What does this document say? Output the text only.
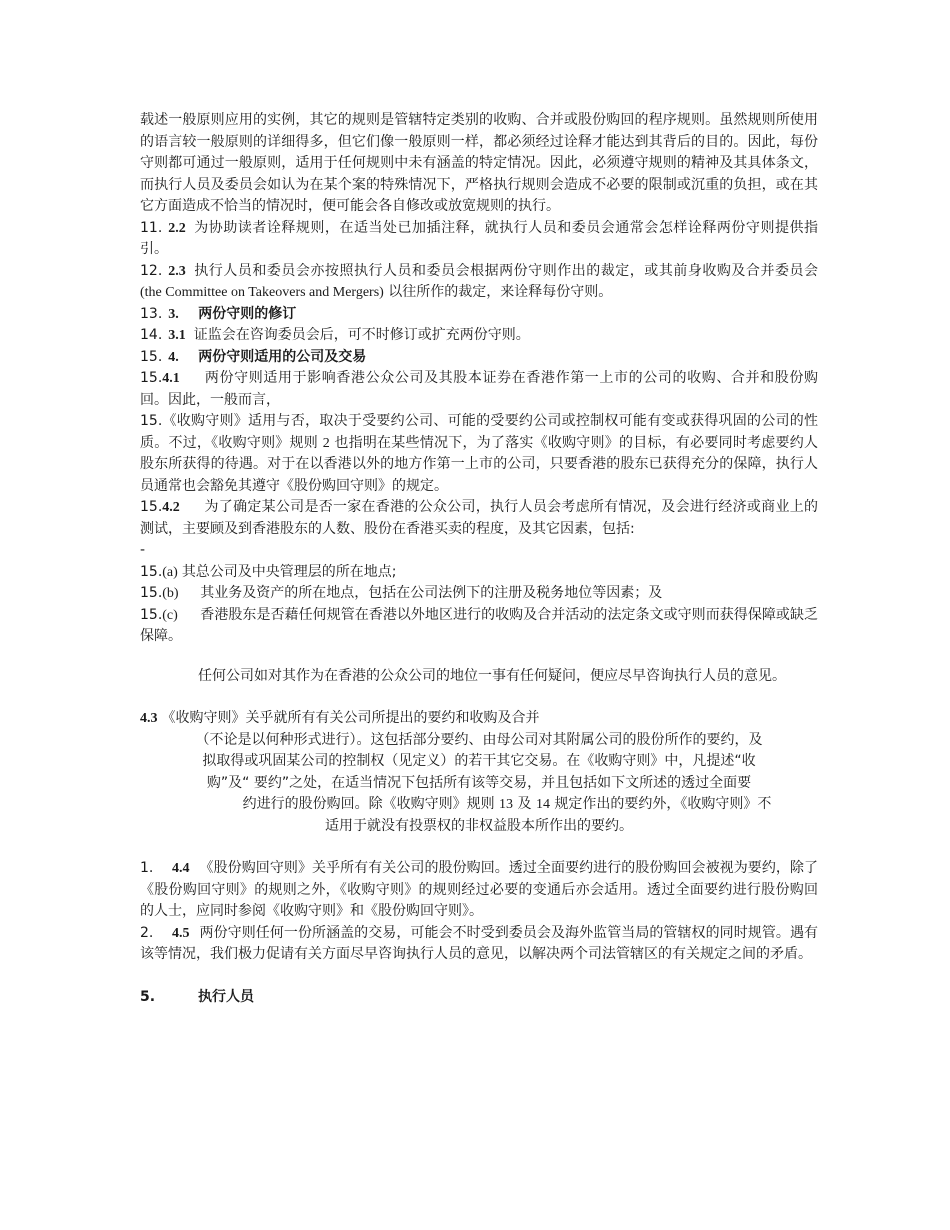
载述一般原则应用的实例，其它的规则是管辖特定类别的收购、合并或股份购回的程序规则。虽然规则所使用的语言较一般原则的详细得多，但它们像一般原则一样，都必须经过诠释才能达到其背后的目的。因此，每份守则都可通过一般原则，适用于任何规则中未有涵盖的特定情况。因此，必须遵守规则的精神及其具体条文，而执行人员及委员会如认为在某个案的特殊情况下，严格执行规则会造成不必要的限制或沉重的负担，或在其它方面造成不恰当的情况时，便可能会各自修改或放宽规则的执行。

11. 2.2 为协助读者诠释规则，在适当处已加插注释，就执行人员和委员会通常会怎样诠释两份守则提供指引。

12. 2.3 执行人员和委员会亦按照执行人员和委员会根据两份守则作出的裁定，或其前身收购及合并委员会 (the Committee on Takeovers and Mergers) 以往所作的裁定，来诠释每份守则。

13. 3. 两份守则的修订

14. 3.1 证监会在咨询委员会后，可不时修订或扩充两份守则。

15. 4. 两份守则适用的公司及交易

15.4.1 两份守则适用于影响香港公众公司及其股本证券在香港作第一上市的公司的收购、合并和股份购回。因此，一般而言，

15.《收购守则》适用与否，取决于受要约公司、可能的受要约公司或控制权可能有变或获得巩固的公司的性质。不过，《收购守则》规则 2 也指明在某些情况下，为了落实《收购守则》的目标，有必要同时考虑要约人股东所获得的待遇。对于在以香港以外的地方作第一上市的公司，只要香港的股东已获得充分的保障，执行人员通常也会豁免其遵守《股份购回守则》的规定。

15.4.2 为了确定某公司是否一家在香港的公众公司，执行人员会考虑所有情况，及会进行经济或商业上的测试，主要顾及到香港股东的人数、股份在香港买卖的程度，及其它因素，包括:
-

15.(a) 其总公司及中央管理层的所在地点;

15.(b) 其业务及资产的所在地点，包括在公司法例下的注册及税务地位等因素；及

15.(c) 香港股东是否藉任何规管在香港以外地区进行的收购及合并活动的法定条文或守则而获得保障或缺乏保障。

任何公司如对其作为在香港的公众公司的地位一事有任何疑问，便应尽早咨询执行人员的意见。

4.3 《收购守则》关乎就所有有关公司所提出的要约和收购及合并

（不论是以何种形式进行）。这包括部分要约、由母公司对其附属公司的股份所作的要约，及

拟取得或巩固某公司的控制权（见定义）的若干其它交易。在《收购守则》中，凡提述“收

购”及“ 要约”之处，在适当情况下包括所有该等交易，并且包括如下文所述的透过全面要

约进行的股份购回。除《收购守则》规则 13 及 14 规定作出的要约外，《收购守则》不

适用于就没有投票权的非权益股本所作出的要约。

1. 4.4 《股份购回守则》关乎所有有关公司的股份购回。透过全面要约进行的股份购回会被视为要约，除了《股份购回守则》的规则之外，《收购守则》的规则经过必要的变通后亦会适用。透过全面要约进行股份购回的人士，应同时参阅《收购守则》和《股份购回守则》。

2. 4.5 两份守则任何一份所涵盖的交易，可能会不时受到委员会及海外监管当局的管辖权的同时规管。遇有该等情况，我们极力促请有关方面尽早咨询执行人员的意见，以解决两个司法管辖区的有关规定之间的矛盾。

5.	执行人员
